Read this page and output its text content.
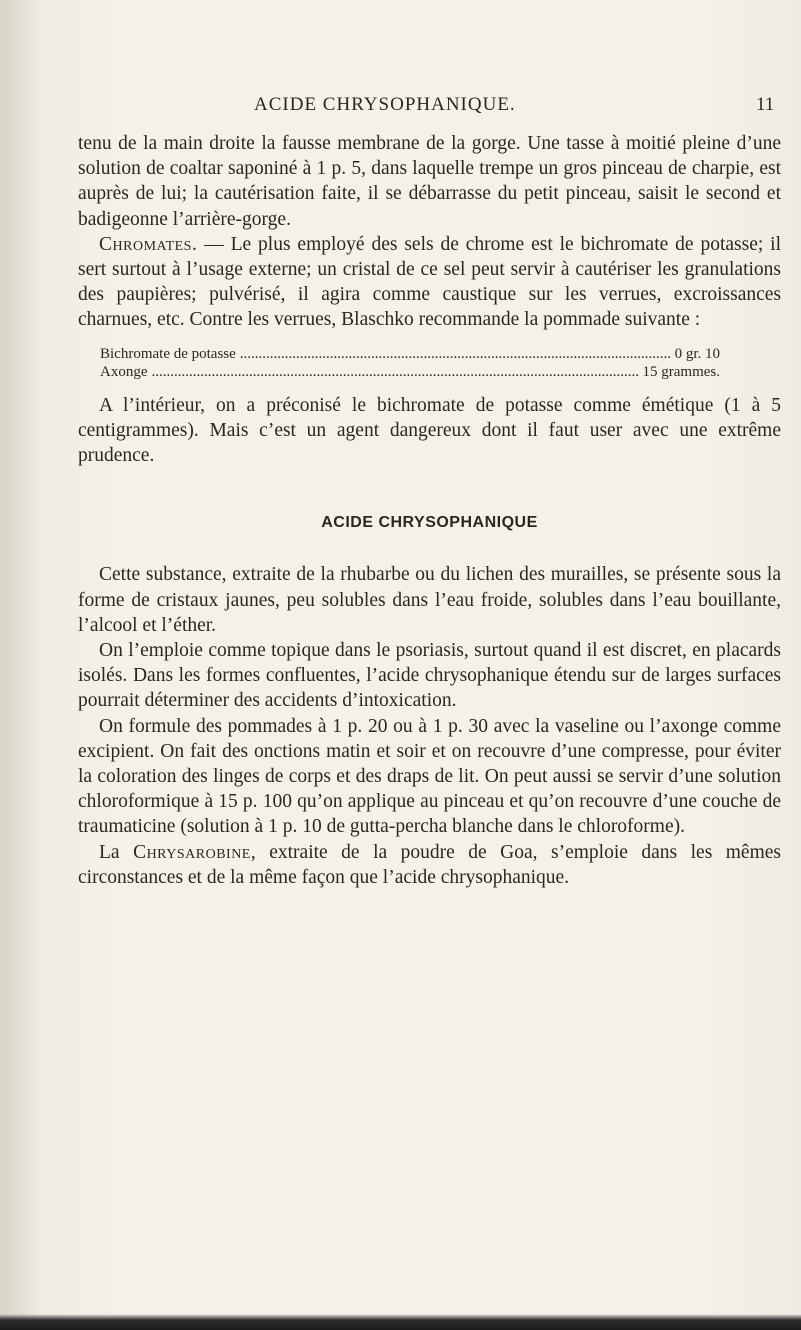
ACIDE CHRYSOPHANIQUE.	11

tenu de la main droite la fausse membrane de la gorge. Une tasse à moitié pleine d’une solution de coaltar saponiné à 1 p. 5, dans laquelle trempe un gros pinceau de charpie, est auprès de lui; la cautérisation faite, il se débarrasse du petit pinceau, saisit le second et badigeonne l’arrière-gorge.

Chromates. — Le plus employé des sels de chrome est le bichromate de potasse; il sert surtout à l’usage externe; un cristal de ce sel peut servir à cautériser les granulations des paupières; pulvérisé, il agira comme caustique sur les verrues, excroissances charnues, etc. Contre les verrues, Blaschko recommande la pommade suivante :

Bichromate de potasse .....	0 gr. 10
Axonge .....	15 grammes.

A l’intérieur, on a préconisé le bichromate de potasse comme émétique (1 à 5 centigrammes). Mais c’est un agent dangereux dont il faut user avec une extrême prudence.

ACIDE CHRYSOPHANIQUE

Cette substance, extraite de la rhubarbe ou du lichen des murailles, se présente sous la forme de cristaux jaunes, peu solubles dans l’eau froide, solubles dans l’eau bouillante, l’alcool et l’éther.

On l’emploie comme topique dans le psoriasis, surtout quand il est discret, en placards isolés. Dans les formes confluentes, l’acide chrysophanique étendu sur de larges surfaces pourrait déterminer des accidents d’intoxication.

On formule des pommades à 1 p. 20 ou à 1 p. 30 avec la vaseline ou l’axonge comme excipient. On fait des onctions matin et soir et on recouvre d’une compresse, pour éviter la coloration des linges de corps et des draps de lit. On peut aussi se servir d’une solution chloroformique à 15 p. 100 qu’on applique au pinceau et qu’on recouvre d’une couche de traumaticine (solution à 1 p. 10 de gutta-percha blanche dans le chloroforme).

La Chrysarobine, extraite de la poudre de Goa, s’emploie dans les mêmes circonstances et de la même façon que l’acide chrysophanique.
